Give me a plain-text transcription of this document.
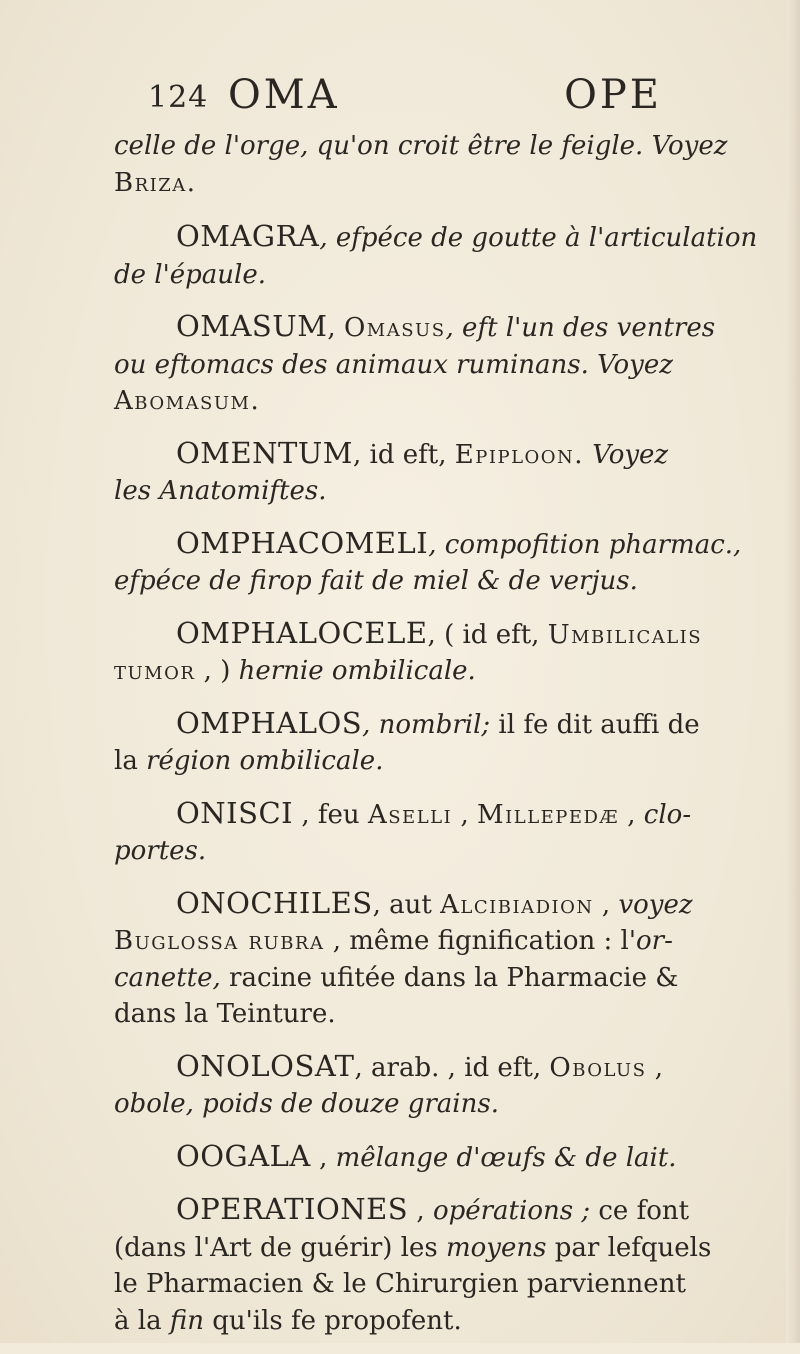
124 OMA	OPE
celle de l'orge, qu'on croit être le feigle. Voyez
Briza.
OMAGRA, efpéce de goutte à l'articulation
de l'épaule.
OMASUM, Omasus, eft l'un des ventres
ou eftomacs des animaux ruminans. Voyez
Abomasum.
OMENTUM, id eft, Epiploon. Voyez
les Anatomiftes.
OMPHACOMELI, compofition pharmac.,
efpéce de firop fait de miel & de verjus.
OMPHALOCELE, ( id eft, Umbilicalis
tumor , ) hernie ombilicale.
OMPHALOS, nombril; il fe dit auffi de
la région ombilicale.
ONISCI , feu Aselli , Millepedæ , clo-
portes.
ONOCHILES, aut Alcibiadion , voyez
Buglossa rubra , même fignification : l'or-
canette, racine ufitée dans la Pharmacie &
dans la Teinture.
ONOLOSAT, arab. , id eft, Obolus ,
obole, poids de douze grains.
OOGALA , mêlange d'œufs & de lait.
OPERATIONES , opérations ; ce font
(dans l'Art de guérir) les moyens par lefquels
le Pharmacien & le Chirurgien parviennent
à la fin qu'ils fe propofent.
